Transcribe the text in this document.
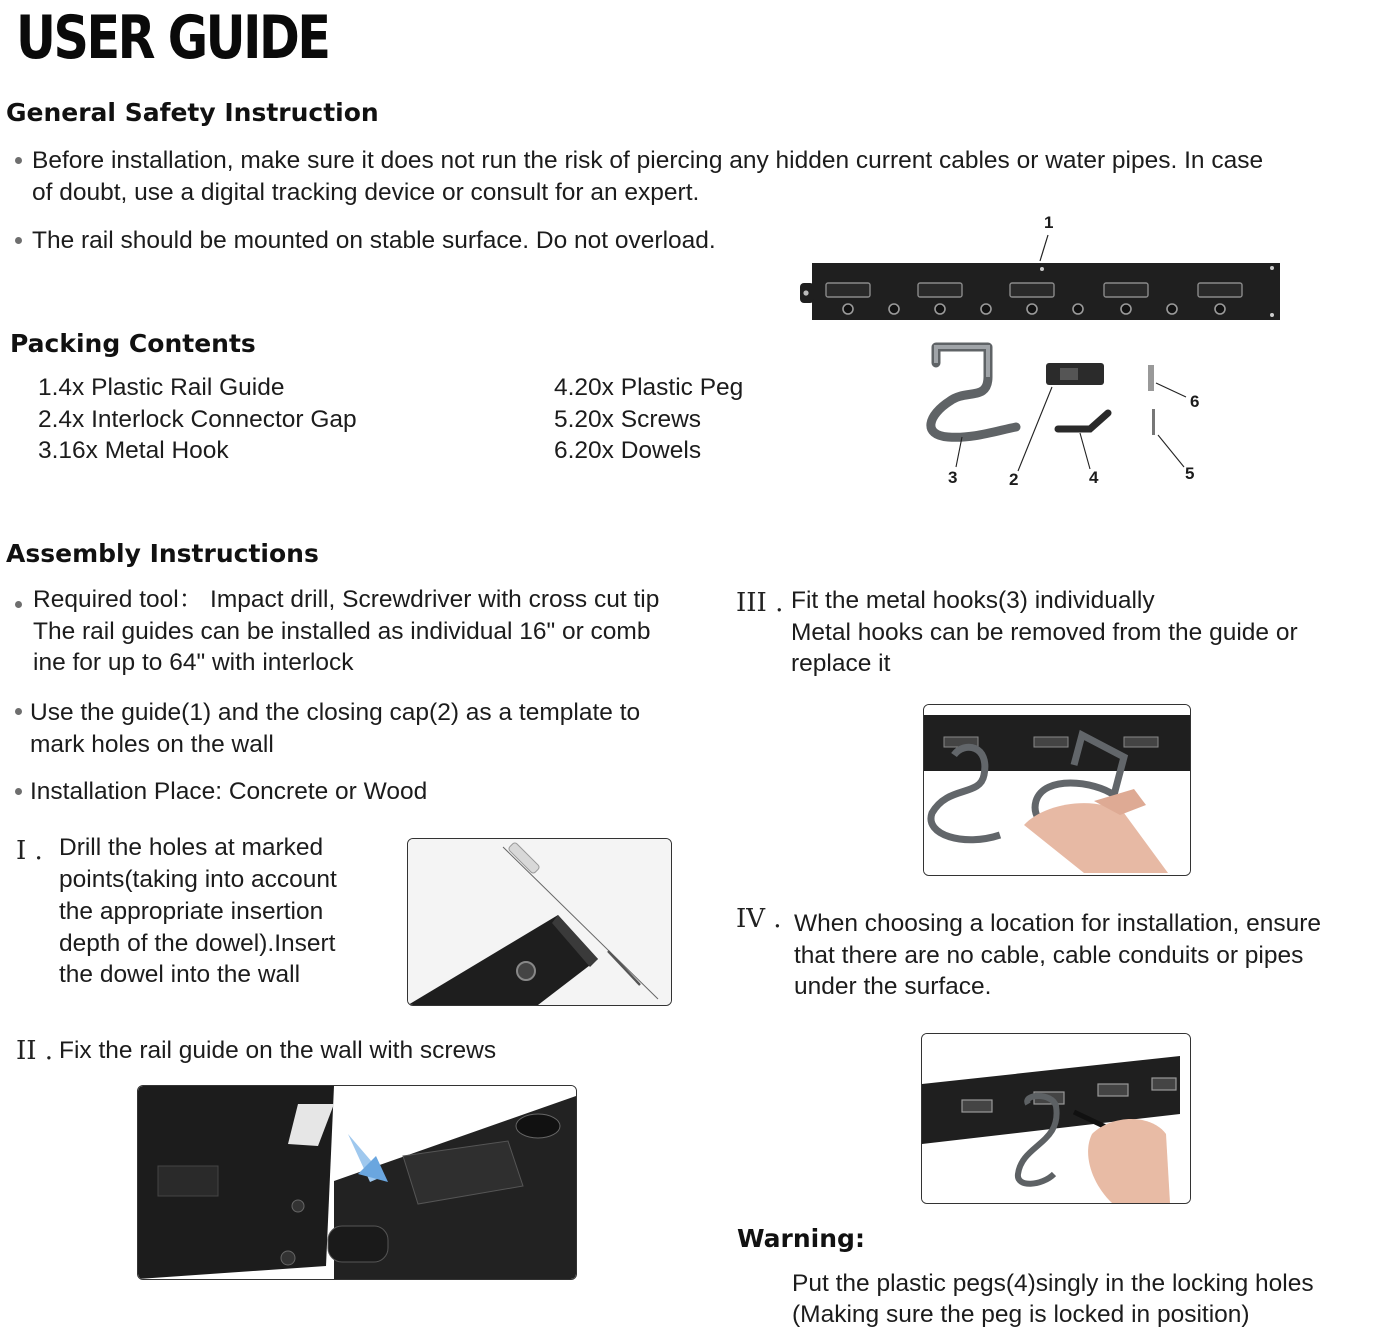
USER GUIDE
General Safety Instruction
Before installation, make sure it does not run the risk of piercing any hidden current cables or water pipes. In case
of doubt, use a digital tracking device or consult for an expert.
The rail should be mounted on stable surface. Do not overload.
Packing Contents
1.4x Plastic Rail Guide
2.4x Interlock Connector Gap
3.16x Metal Hook
4.20x Plastic Peg
5.20x Screws
6.20x Dowels
1
2
3	4	5
6
Assembly Instructions
Required tool： Impact drill, Screwdriver with cross cut tip
The rail guides can be installed as individual 16" or comb
ine for up to 64" with interlock
Use the guide(1) and the closing cap(2) as a template to
mark holes on the wall
Installation Place: Concrete or Wood
I . Drill the holes at marked
points(taking into account
the appropriate insertion
depth of the dowel).Insert
the dowel into the wall
II . Fix the rail guide on the wall with screws
III . Fit the metal hooks(3) individually
Metal hooks can be removed from the guide or
replace it
IV . When choosing a location for installation, ensure
that there are no cable, cable conduits or pipes
under the surface.
Warning:
Put the plastic pegs(4)singly in the locking holes
(Making sure the peg is locked in position)
